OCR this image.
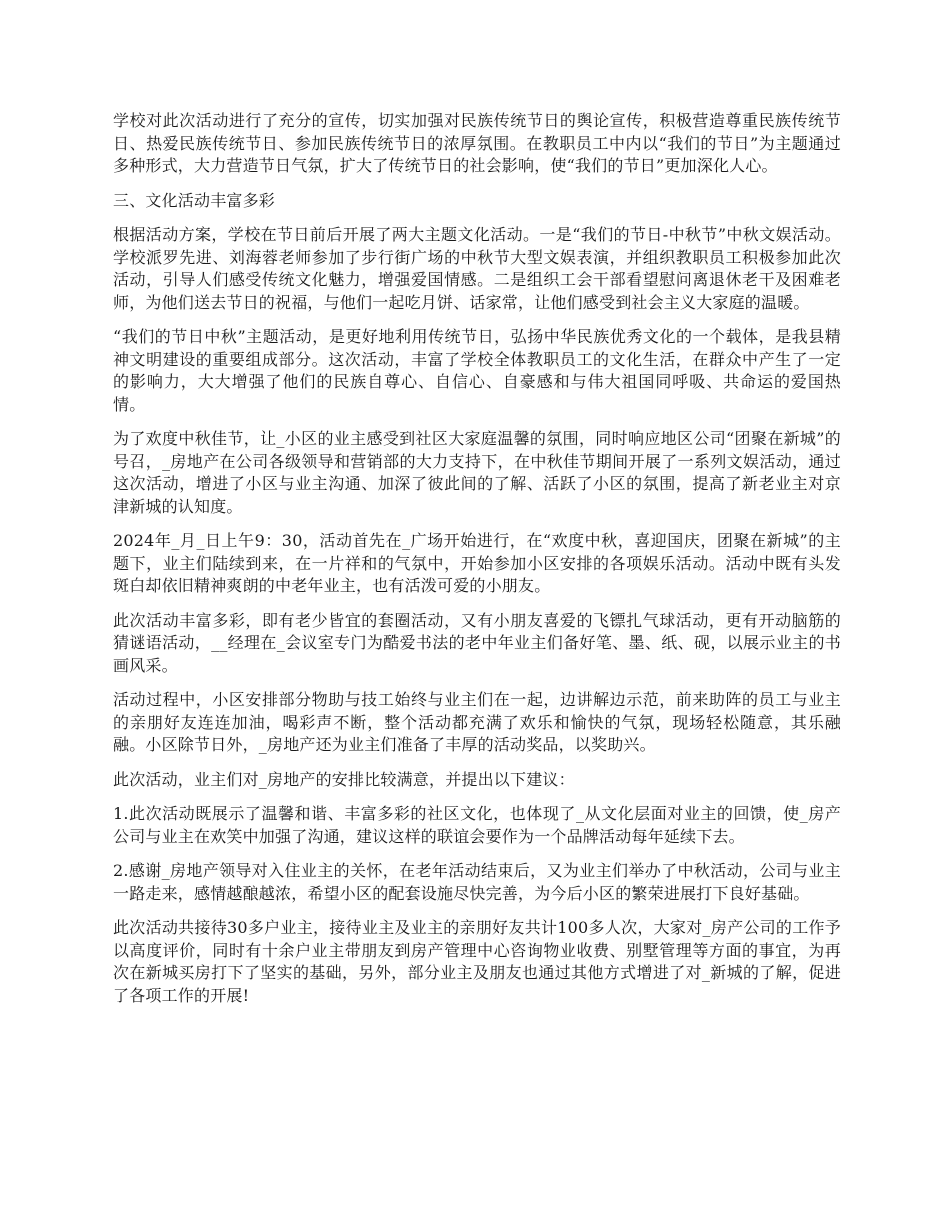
学校对此次活动进行了充分的宣传，切实加强对民族传统节日的舆论宣传，积极营造尊重民族传统节日、热爱民族传统节日、参加民族传统节日的浓厚氛围。在教职员工中内以“我们的节日”为主题通过多种形式，大力营造节日气氛，扩大了传统节日的社会影响，使“我们的节日”更加深化人心。

三、文化活动丰富多彩

根据活动方案，学校在节日前后开展了两大主题文化活动。一是“我们的节日-中秋节”中秋文娱活动。学校派罗先进、刘海蓉老师参加了步行街广场的中秋节大型文娱表演，并组织教职员工积极参加此次活动，引导人们感受传统文化魅力，增强爱国情感。二是组织工会干部看望慰问离退休老干及困难老师，为他们送去节日的祝福，与他们一起吃月饼、话家常，让他们感受到社会主义大家庭的温暖。

“我们的节日中秋”主题活动，是更好地利用传统节日，弘扬中华民族优秀文化的一个载体，是我县精神文明建设的重要组成部分。这次活动，丰富了学校全体教职员工的文化生活，在群众中产生了一定的影响力，大大增强了他们的民族自尊心、自信心、自豪感和与伟大祖国同呼吸、共命运的爱国热情。

为了欢度中秋佳节，让_小区的业主感受到社区大家庭温馨的氛围，同时响应地区公司“团聚在新城”的号召，_房地产在公司各级领导和营销部的大力支持下，在中秋佳节期间开展了一系列文娱活动，通过这次活动，增进了小区与业主沟通、加深了彼此间的了解、活跃了小区的氛围，提高了新老业主对京津新城的认知度。

2024年_月_日上午9：30，活动首先在_广场开始进行，在“欢度中秋，喜迎国庆，团聚在新城”的主题下，业主们陆续到来，在一片祥和的气氛中，开始参加小区安排的各项娱乐活动。活动中既有头发斑白却依旧精神爽朗的中老年业主，也有活泼可爱的小朋友。

此次活动丰富多彩，即有老少皆宜的套圈活动，又有小朋友喜爱的飞镖扎气球活动，更有开动脑筋的猜谜语活动，__经理在_会议室专门为酷爱书法的老中年业主们备好笔、墨、纸、砚，以展示业主的书画风采。

活动过程中，小区安排部分物助与技工始终与业主们在一起，边讲解边示范，前来助阵的员工与业主的亲朋好友连连加油，喝彩声不断，整个活动都充满了欢乐和愉快的气氛，现场轻松随意，其乐融融。小区除节日外，_房地产还为业主们准备了丰厚的活动奖品，以奖助兴。

此次活动，业主们对_房地产的安排比较满意，并提出以下建议：

1.此次活动既展示了温馨和谐、丰富多彩的社区文化，也体现了_从文化层面对业主的回馈，使_房产公司与业主在欢笑中加强了沟通，建议这样的联谊会要作为一个品牌活动每年延续下去。

2.感谢_房地产领导对入住业主的关怀，在老年活动结束后，又为业主们举办了中秋活动，公司与业主一路走来，感情越酿越浓，希望小区的配套设施尽快完善，为今后小区的繁荣进展打下良好基础。

此次活动共接待30多户业主，接待业主及业主的亲朋好友共计100多人次，大家对_房产公司的工作予以高度评价，同时有十余户业主带朋友到房产管理中心咨询物业收费、别墅管理等方面的事宜，为再次在新城买房打下了坚实的基础，另外，部分业主及朋友也通过其他方式增进了对_新城的了解，促进了各项工作的开展!
